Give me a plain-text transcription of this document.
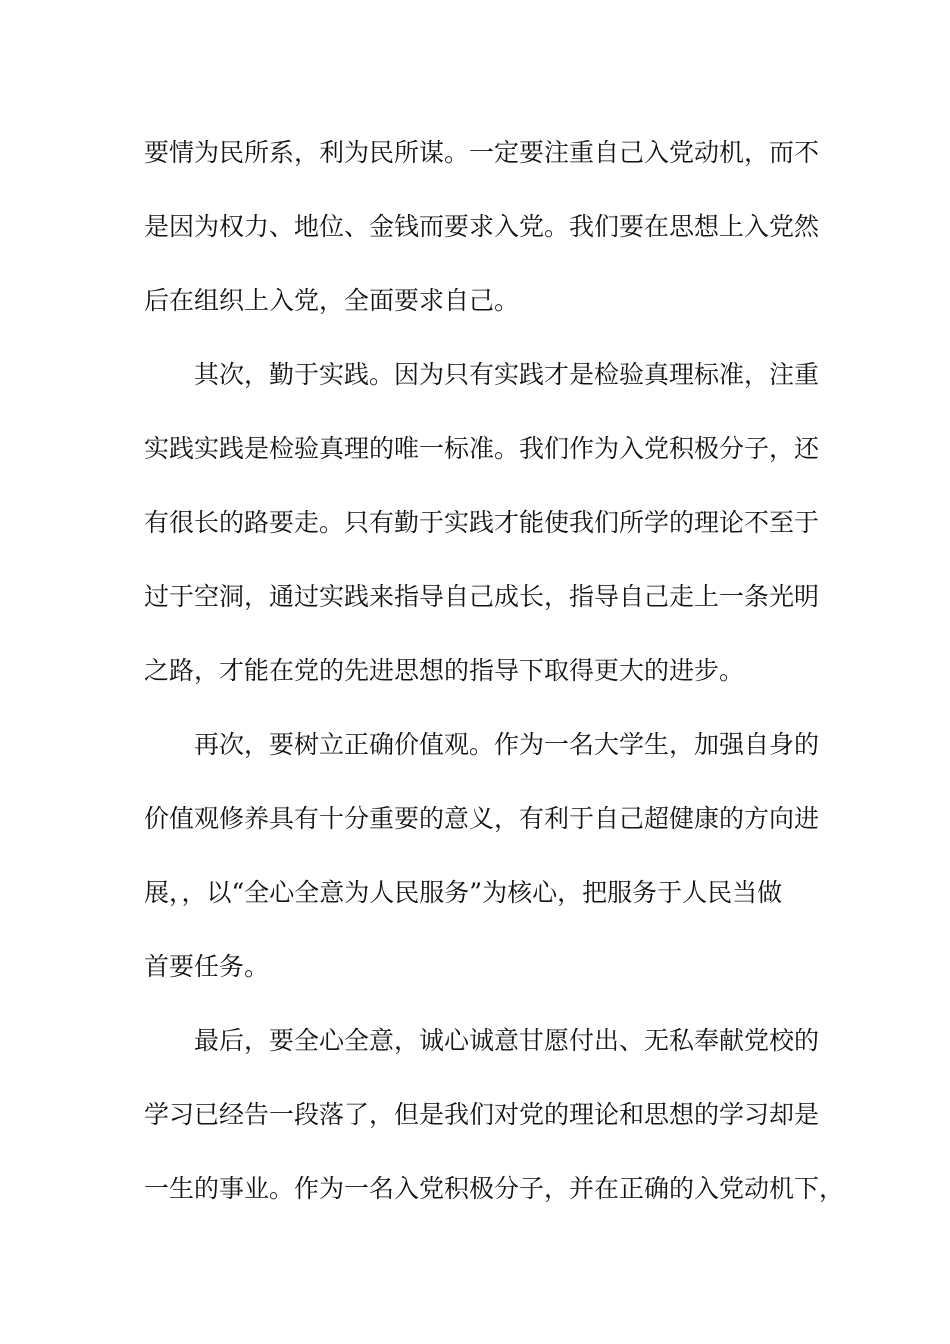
要情为民所系，利为民所谋。一定要注重自己入党动机，而不
是因为权力、地位、金钱而要求入党。我们要在思想上入党然
后在组织上入党，全面要求自己。
其次，勤于实践。因为只有实践才是检验真理标准，注重
实践实践是检验真理的唯一标准。我们作为入党积极分子，还
有很长的路要走。只有勤于实践才能使我们所学的理论不至于
过于空洞，通过实践来指导自己成长，指导自己走上一条光明
之路，才能在党的先进思想的指导下取得更大的进步。
再次，要树立正确价值观。作为一名大学生，加强自身的
价值观修养具有十分重要的意义，有利于自己超健康的方向进
展，，以“全心全意为人民服务”为核心，把服务于人民当做
首要任务。
最后，要全心全意，诚心诚意甘愿付出、无私奉献党校的
学习已经告一段落了，但是我们对党的理论和思想的学习却是
一生的事业。作为一名入党积极分子，并在正确的入党动机下，
